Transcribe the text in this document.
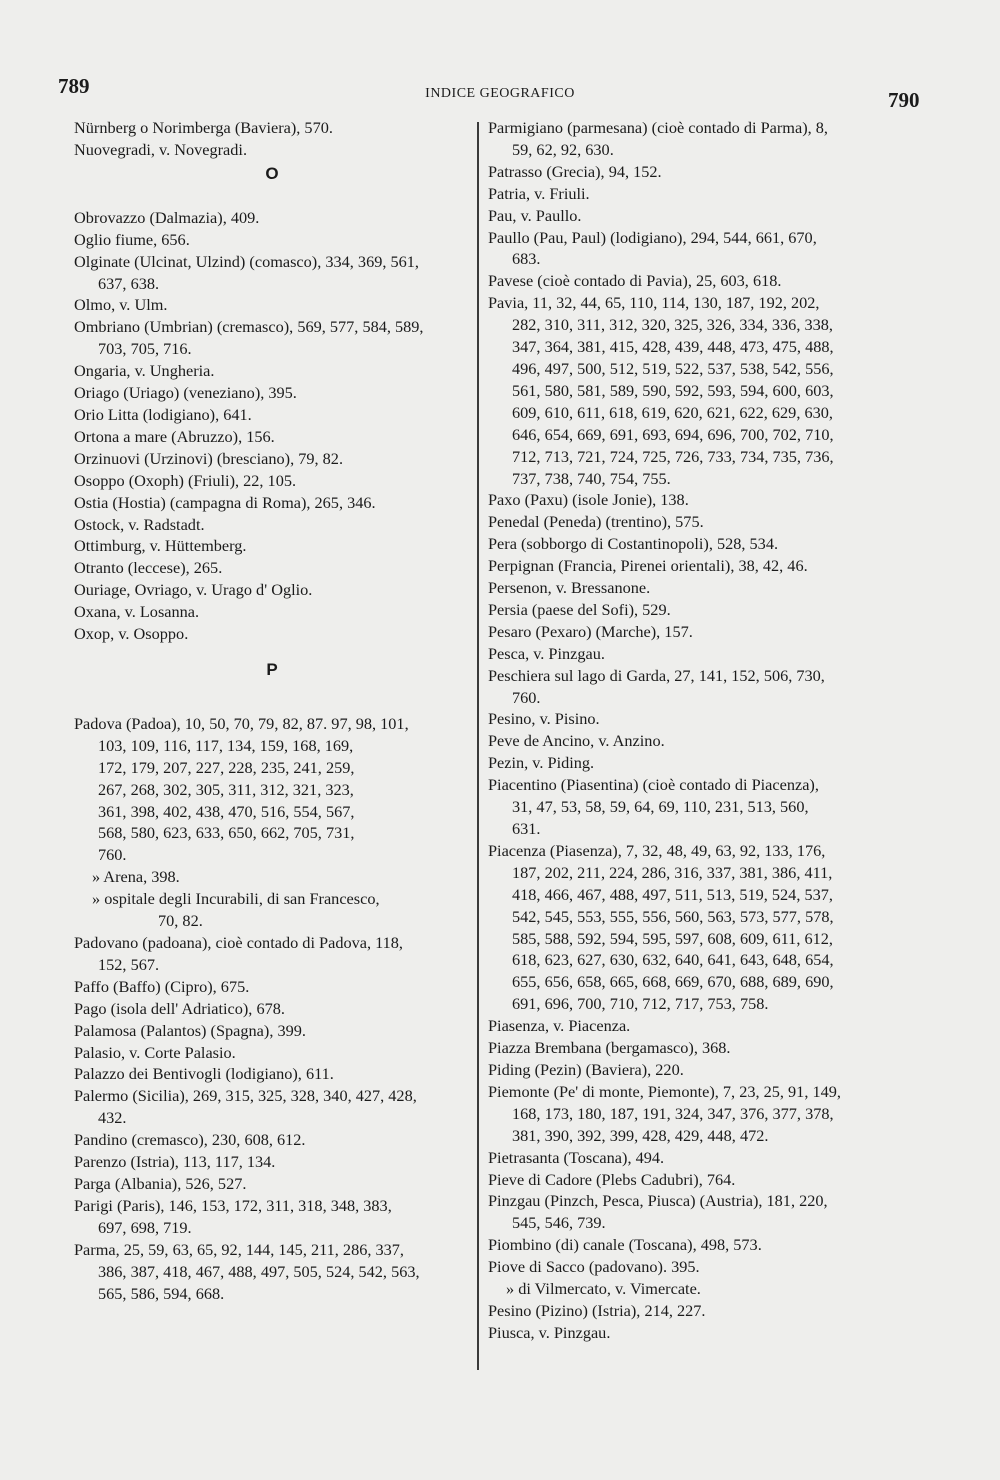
789	INDICE GEOGRAFICO	790
Nürnberg o Norimberga (Baviera), 570.
Nuovegradi, v. Novegradi.
O
Obrovazzo (Dalmazia), 409.
Oglio fiume, 656.
Olginate (Ulcinat, Ulzind) (comasco), 334, 369, 561,
637, 638.
Olmo, v. Ulm.
Ombriano (Umbrian) (cremasco), 569, 577, 584, 589,
703, 705, 716.
Ongaria, v. Ungheria.
Oriago (Uriago) (veneziano), 395.
Orio Litta (lodigiano), 641.
Ortona a mare (Abruzzo), 156.
Orzinuovi (Urzinovi) (bresciano), 79, 82.
Osoppo (Oxoph) (Friuli), 22, 105.
Ostia (Hostia) (campagna di Roma), 265, 346.
Ostock, v. Radstadt.
Ottimburg, v. Hüttemberg.
Otranto (leccese), 265.
Ouriage, Ovriago, v. Urago d' Oglio.
Oxana, v. Losanna.
Oxop, v. Osoppo.
P
Padova (Padoa), 10, 50, 70, 79, 82, 87. 97, 98, 101,
103, 109, 116, 117, 134, 159, 168, 169,
172, 179, 207, 227, 228, 235, 241, 259,
267, 268, 302, 305, 311, 312, 321, 323,
361, 398, 402, 438, 470, 516, 554, 567,
568, 580, 623, 633, 650, 662, 705, 731,
760.
» Arena, 398.
» ospitale degli Incurabili, di san Francesco,
70, 82.
Padovano (padoana), cioè contado di Padova, 118,
152, 567.
Paffo (Baffo) (Cipro), 675.
Pago (isola dell' Adriatico), 678.
Palamosa (Palantos) (Spagna), 399.
Palasio, v. Corte Palasio.
Palazzo dei Bentivogli (lodigiano), 611.
Palermo (Sicilia), 269, 315, 325, 328, 340, 427, 428,
432.
Pandino (cremasco), 230, 608, 612.
Parenzo (Istria), 113, 117, 134.
Parga (Albania), 526, 527.
Parigi (Paris), 146, 153, 172, 311, 318, 348, 383,
697, 698, 719.
Parma, 25, 59, 63, 65, 92, 144, 145, 211, 286, 337,
386, 387, 418, 467, 488, 497, 505, 524, 542, 563,
565, 586, 594, 668.
Parmigiano (parmesana) (cioè contado di Parma), 8,
59, 62, 92, 630.
Patrasso (Grecia), 94, 152.
Patria, v. Friuli.
Pau, v. Paullo.
Paullo (Pau, Paul) (lodigiano), 294, 544, 661, 670,
683.
Pavese (cioè contado di Pavia), 25, 603, 618.
Pavia, 11, 32, 44, 65, 110, 114, 130, 187, 192, 202,
282, 310, 311, 312, 320, 325, 326, 334, 336, 338,
347, 364, 381, 415, 428, 439, 448, 473, 475, 488,
496, 497, 500, 512, 519, 522, 537, 538, 542, 556,
561, 580, 581, 589, 590, 592, 593, 594, 600, 603,
609, 610, 611, 618, 619, 620, 621, 622, 629, 630,
646, 654, 669, 691, 693, 694, 696, 700, 702, 710,
712, 713, 721, 724, 725, 726, 733, 734, 735, 736,
737, 738, 740, 754, 755.
Paxo (Paxu) (isole Jonie), 138.
Penedal (Peneda) (trentino), 575.
Pera (sobborgo di Costantinopoli), 528, 534.
Perpignan (Francia, Pirenei orientali), 38, 42, 46.
Persenon, v. Bressanone.
Persia (paese del Sofi), 529.
Pesaro (Pexaro) (Marche), 157.
Pesca, v. Pinzgau.
Peschiera sul lago di Garda, 27, 141, 152, 506, 730,
760.
Pesino, v. Pisino.
Peve de Ancino, v. Anzino.
Pezin, v. Piding.
Piacentino (Piasentina) (cioè contado di Piacenza),
31, 47, 53, 58, 59, 64, 69, 110, 231, 513, 560,
631.
Piacenza (Piasenza), 7, 32, 48, 49, 63, 92, 133, 176,
187, 202, 211, 224, 286, 316, 337, 381, 386, 411,
418, 466, 467, 488, 497, 511, 513, 519, 524, 537,
542, 545, 553, 555, 556, 560, 563, 573, 577, 578,
585, 588, 592, 594, 595, 597, 608, 609, 611, 612,
618, 623, 627, 630, 632, 640, 641, 643, 648, 654,
655, 656, 658, 665, 668, 669, 670, 688, 689, 690,
691, 696, 700, 710, 712, 717, 753, 758.
Piasenza, v. Piacenza.
Piazza Brembana (bergamasco), 368.
Piding (Pezin) (Baviera), 220.
Piemonte (Pe' di monte, Piemonte), 7, 23, 25, 91, 149,
168, 173, 180, 187, 191, 324, 347, 376, 377, 378,
381, 390, 392, 399, 428, 429, 448, 472.
Pietrasanta (Toscana), 494.
Pieve di Cadore (Plebs Cadubri), 764.
Pinzgau (Pinzch, Pesca, Piusca) (Austria), 181, 220,
545, 546, 739.
Piombino (di) canale (Toscana), 498, 573.
Piove di Sacco (padovano). 395.
» di Vilmercato, v. Vimercate.
Pesino (Pizino) (Istria), 214, 227.
Piusca, v. Pinzgau.
